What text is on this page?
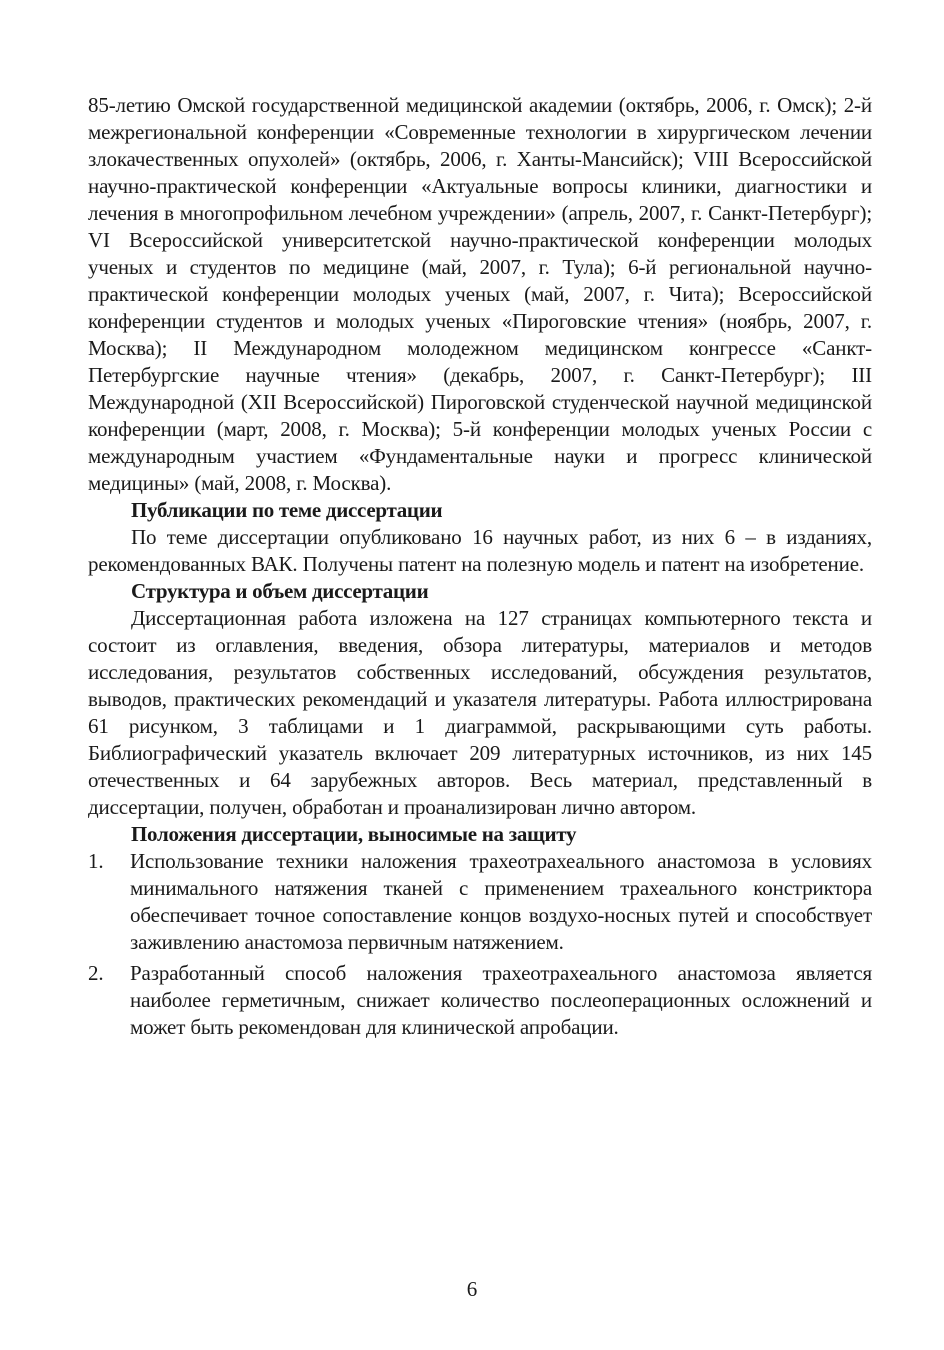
85-летию Омской государственной медицинской академии (октябрь, 2006, г. Омск); 2-й межрегиональной конференции «Современные технологии в хирургическом лечении злокачественных опухолей» (октябрь, 2006, г. Ханты-Мансийск); VIII Всероссийской научно-практической конференции «Актуальные вопросы клиники, диагностики и лечения в многопрофильном лечебном учреждении» (апрель, 2007, г. Санкт-Петербург); VI Всероссийской университетской научно-практической конференции молодых ученых и студентов по медицине (май, 2007, г. Тула); 6-й региональной научно-практической конференции молодых ученых (май, 2007, г. Чита); Всероссийской конференции студентов и молодых ученых «Пироговские чтения» (ноябрь, 2007, г. Москва); II Международном молодежном медицинском конгрессе «Санкт-Петербургские научные чтения» (декабрь, 2007, г. Санкт-Петербург); III Международной (XII Всероссийской) Пироговской студенческой научной медицинской конференции (март, 2008, г. Москва); 5-й конференции молодых ученых России с международным участием «Фундаментальные науки и прогресс клинической медицины» (май, 2008, г. Москва).

Публикации по теме диссертации

По теме диссертации опубликовано 16 научных работ, из них 6 – в изданиях, рекомендованных ВАК. Получены патент на полезную модель и патент на изобретение.

Структура и объем диссертации

Диссертационная работа изложена на 127 страницах компьютерного текста и состоит из оглавления, введения, обзора литературы, материалов и методов исследования, результатов собственных исследований, обсуждения результатов, выводов, практических рекомендаций и указателя литературы. Работа иллюстрирована 61 рисунком, 3 таблицами и 1 диаграммой, раскрывающими суть работы. Библиографический указатель включает 209 литературных источников, из них 145 отечественных и 64 зарубежных авторов. Весь материал, представленный в диссертации, получен, обработан и проанализирован лично автором.

Положения диссертации, выносимые на защиту

1.	Использование техники наложения трахеотрахеального анастомоза в условиях минимального натяжения тканей с применением трахеального констриктора обеспечивает точное сопоставление концов воздухо-носных путей и способствует заживлению анастомоза первичным натяжением.
2.	Разработанный способ наложения трахеотрахеального анастомоза является наиболее герметичным, снижает количество послеоперационных осложнений и может быть рекомендован для клинической апробации.
6
